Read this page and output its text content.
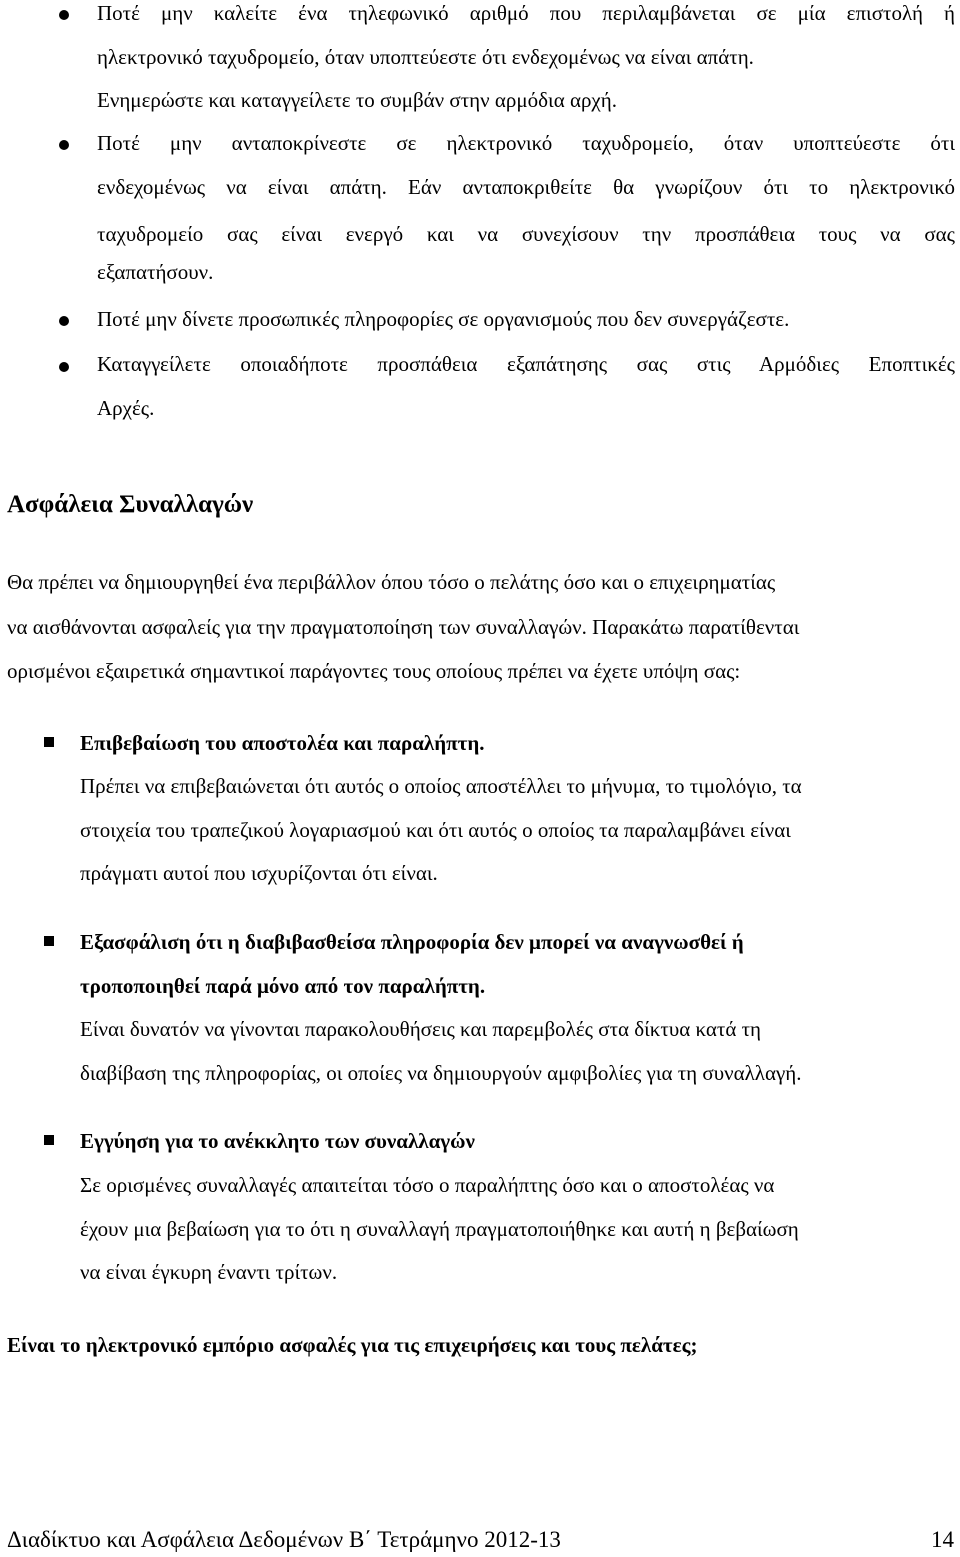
Ποτέ μην καλείτε ένα τηλεφωνικό αριθμό που περιλαμβάνεται σε μία επιστολή ή
ηλεκτρονικό ταχυδρομείο, όταν υποπτεύεστε ότι ενδεχομένως να είναι απάτη.
Ενημερώστε και καταγγείλετε το συμβάν στην αρμόδια αρχή.
Ποτέ μην ανταποκρίνεστε σε ηλεκτρονικό ταχυδρομείο, όταν υποπτεύεστε ότι
ενδεχομένως να είναι απάτη. Εάν ανταποκριθείτε θα γνωρίζουν ότι το ηλεκτρονικό
ταχυδρομείο σας είναι ενεργό και να συνεχίσουν την προσπάθεια τους να σας
εξαπατήσουν.
Ποτέ μην δίνετε προσωπικές πληροφορίες σε οργανισμούς που δεν συνεργάζεστε.
Καταγγείλετε οποιαδήποτε προσπάθεια εξαπάτησης σας στις Αρμόδιες Εποπτικές
Αρχές.
Ασφάλεια Συναλλαγών
Θα πρέπει να δημιουργηθεί ένα περιβάλλον όπου τόσο ο πελάτης όσο και ο επιχειρηματίας
να αισθάνονται ασφαλείς για την πραγματοποίηση των συναλλαγών. Παρακάτω παρατίθενται
ορισμένοι εξαιρετικά σημαντικοί παράγοντες τους οποίους πρέπει να έχετε υπόψη σας:
Επιβεβαίωση του αποστολέα και παραλήπτη.
Πρέπει να επιβεβαιώνεται ότι αυτός ο οποίος αποστέλλει το μήνυμα, το τιμολόγιο, τα
στοιχεία του τραπεζικού λογαριασμού και ότι αυτός ο οποίος τα παραλαμβάνει είναι
πράγματι αυτοί που ισχυρίζονται ότι είναι.
Εξασφάλιση ότι η διαβιβασθείσα πληροφορία δεν μπορεί να αναγνωσθεί ή
τροποποιηθεί παρά μόνο από τον παραλήπτη.
Είναι δυνατόν να γίνονται παρακολουθήσεις και παρεμβολές στα δίκτυα κατά τη
διαβίβαση της πληροφορίας, οι οποίες να δημιουργούν αμφιβολίες για τη συναλλαγή.
Εγγύηση για το ανέκκλητο των συναλλαγών
Σε ορισμένες συναλλαγές απαιτείται τόσο ο παραλήπτης όσο και ο αποστολέας να
έχουν μια βεβαίωση για το ότι η συναλλαγή πραγματοποιήθηκε και αυτή η βεβαίωση
να είναι έγκυρη έναντι τρίτων.
Είναι το ηλεκτρονικό εµπόριο ασφαλές για τις επιχειρήσεις και τους πελάτες;
Διαδίκτυο και Ασφάλεια Δεδομένων Β΄ Τετράμηνο 2012-13	14
